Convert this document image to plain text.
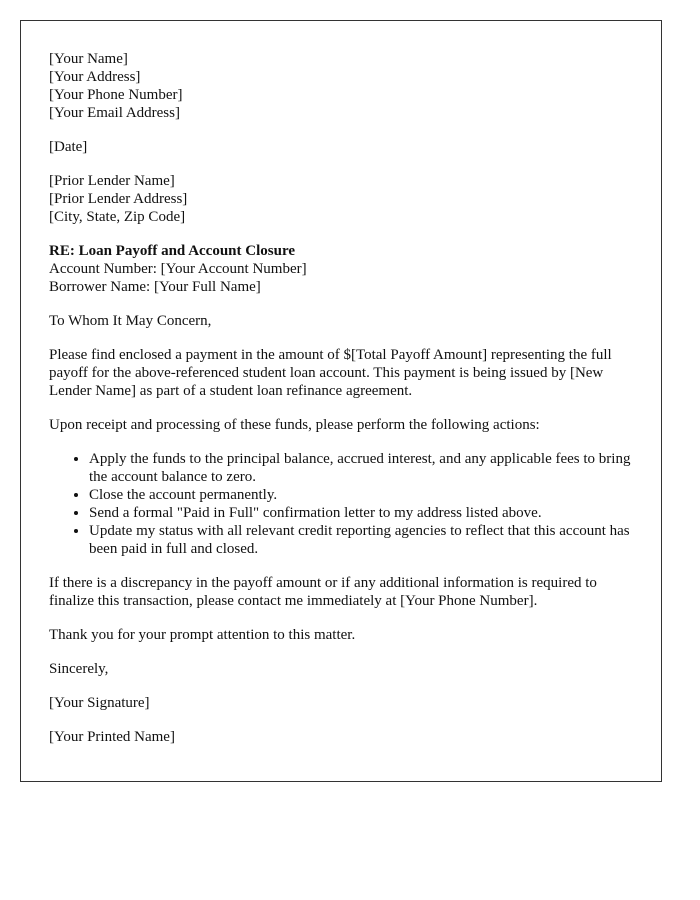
[Your Name]
[Your Address]
[Your Phone Number]
[Your Email Address]
[Date]
[Prior Lender Name]
[Prior Lender Address]
[City, State, Zip Code]
RE: Loan Payoff and Account Closure
Account Number: [Your Account Number]
Borrower Name: [Your Full Name]

To Whom It May Concern,

Please find enclosed a payment in the amount of $[Total Payoff Amount] representing the full payoff for the above-referenced student loan account. This payment is being issued by [New Lender Name] as part of a student loan refinance agreement.

Upon receipt and processing of these funds, please perform the following actions:

• Apply the funds to the principal balance, accrued interest, and any applicable fees to bring the account balance to zero.
• Close the account permanently.
• Send a formal "Paid in Full" confirmation letter to my address listed above.
• Update my status with all relevant credit reporting agencies to reflect that this account has been paid in full and closed.

If there is a discrepancy in the payoff amount or if any additional information is required to finalize this transaction, please contact me immediately at [Your Phone Number].

Thank you for your prompt attention to this matter.

Sincerely,

[Your Signature]

[Your Printed Name]
